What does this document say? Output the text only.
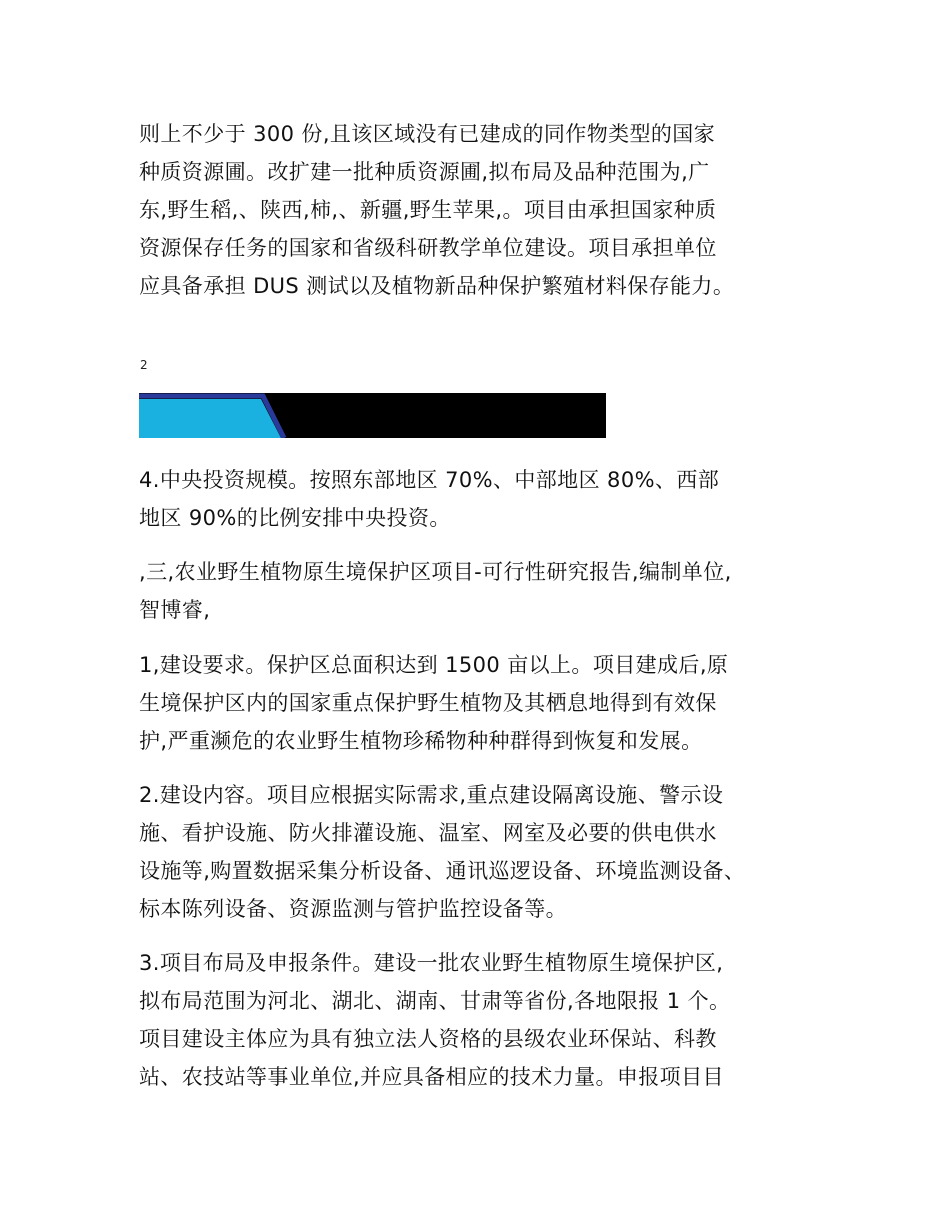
则上不少于 300 份,且该区域没有已建成的同作物类型的国家
种质资源圃。改扩建一批种质资源圃,拟布局及品种范围为,广
东,野生稻,、陕西,柿,、新疆,野生苹果,。项目由承担国家种质
资源保存任务的国家和省级科研教学单位建设。项目承担单位
应具备承担 DUS 测试以及植物新品种保护繁殖材料保存能力。
2
4.中央投资规模。按照东部地区 70%、中部地区 80%、西部
地区 90%的比例安排中央投资。
,三,农业野生植物原生境保护区项目-可行性研究报告,编制单位,
智博睿,
1,建设要求。保护区总面积达到 1500 亩以上。项目建成后,原
生境保护区内的国家重点保护野生植物及其栖息地得到有效保
护,严重濒危的农业野生植物珍稀物种种群得到恢复和发展。
2.建设内容。项目应根据实际需求,重点建设隔离设施、警示设
施、看护设施、防火排灌设施、温室、网室及必要的供电供水
设施等,购置数据采集分析设备、通讯巡逻设备、环境监测设备、
标本陈列设备、资源监测与管护监控设备等。
3.项目布局及申报条件。建设一批农业野生植物原生境保护区,
拟布局范围为河北、湖北、湖南、甘肃等省份,各地限报 1 个。
项目建设主体应为具有独立法人资格的县级农业环保站、科教
站、农技站等事业单位,并应具备相应的技术力量。申报项目目
